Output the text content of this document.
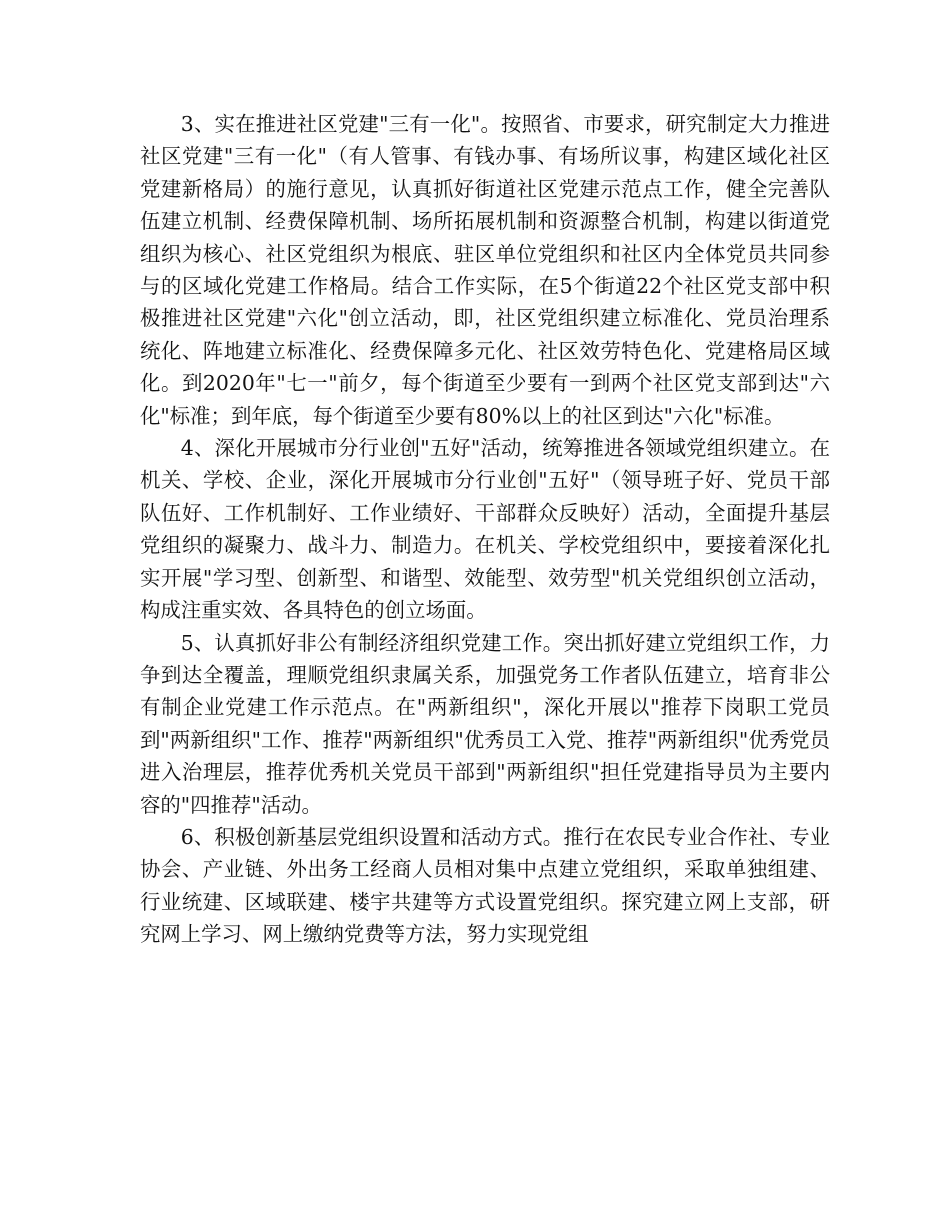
3、实在推进社区党建"三有一化"。按照省、市要求，研究制定大力推进社区党建"三有一化"（有人管事、有钱办事、有场所议事，构建区域化社区党建新格局）的施行意见，认真抓好街道社区党建示范点工作，健全完善队伍建立机制、经费保障机制、场所拓展机制和资源整合机制，构建以街道党组织为核心、社区党组织为根底、驻区单位党组织和社区内全体党员共同参与的区域化党建工作格局。结合工作实际，在5个街道22个社区党支部中积极推进社区党建"六化"创立活动，即，社区党组织建立标准化、党员治理系统化、阵地建立标准化、经费保障多元化、社区效劳特色化、党建格局区域化。到2020年"七一"前夕，每个街道至少要有一到两个社区党支部到达"六化"标准；到年底，每个街道至少要有80%以上的社区到达"六化"标准。

4、深化开展城市分行业创"五好"活动，统筹推进各领域党组织建立。在机关、学校、企业，深化开展城市分行业创"五好"（领导班子好、党员干部队伍好、工作机制好、工作业绩好、干部群众反映好）活动，全面提升基层党组织的凝聚力、战斗力、制造力。在机关、学校党组织中，要接着深化扎实开展"学习型、创新型、和谐型、效能型、效劳型"机关党组织创立活动，构成注重实效、各具特色的创立场面。

5、认真抓好非公有制经济组织党建工作。突出抓好建立党组织工作，力争到达全覆盖，理顺党组织隶属关系，加强党务工作者队伍建立，培育非公有制企业党建工作示范点。在"两新组织"，深化开展以"推荐下岗职工党员到"两新组织"工作、推荐"两新组织"优秀员工入党、推荐"两新组织"优秀党员进入治理层，推荐优秀机关党员干部到"两新组织"担任党建指导员为主要内容的"四推荐"活动。

6、积极创新基层党组织设置和活动方式。推行在农民专业合作社、专业协会、产业链、外出务工经商人员相对集中点建立党组织，采取单独组建、行业统建、区域联建、楼宇共建等方式设置党组织。探究建立网上支部，研究网上学习、网上缴纳党费等方法，努力实现党组
